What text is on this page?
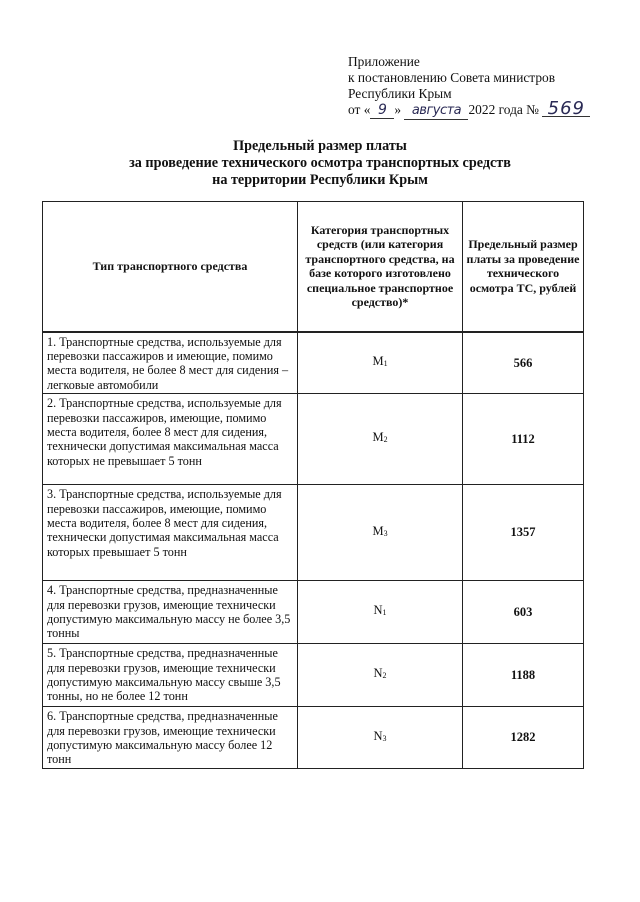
Приложение
к постановлению Совета министров
Республики Крым
от « 9 » августа 2022 года № 569
Предельный размер платы
за проведение технического осмотра транспортных средств
на территории Республики Крым
Тип транспортного средства	Категория транспортных средств (или категория транспортного средства, на базе которого изготовлено специальное транспортное средство)*	Предельный размер платы за проведение технического осмотра ТС, рублей
1. Транспортные средства, используемые для перевозки пассажиров и имеющие, помимо места водителя, не более 8 мест для сидения – легковые автомобили	$M_1$	566
2. Транспортные средства, используемые для перевозки пассажиров, имеющие, помимо места водителя, более 8 мест для сидения, технически допустимая максимальная масса которых не превышает 5 тонн	$M_2$	1112
3. Транспортные средства, используемые для перевозки пассажиров, имеющие, помимо места водителя, более 8 мест для сидения, технически допустимая максимальная масса которых превышает 5 тонн	$M_3$	1357
4. Транспортные средства, предназначенные для перевозки грузов, имеющие технически допустимую максимальную массу не более 3,5 тонны	$N_1$	603
5. Транспортные средства, предназначенные для перевозки грузов, имеющие технически допустимую максимальную массу свыше 3,5 тонны, но не более 12 тонн	$N_2$	1188
6. Транспортные средства, предназначенные для перевозки грузов, имеющие технически допустимую максимальную массу более 12 тонн	$N_3$	1282
